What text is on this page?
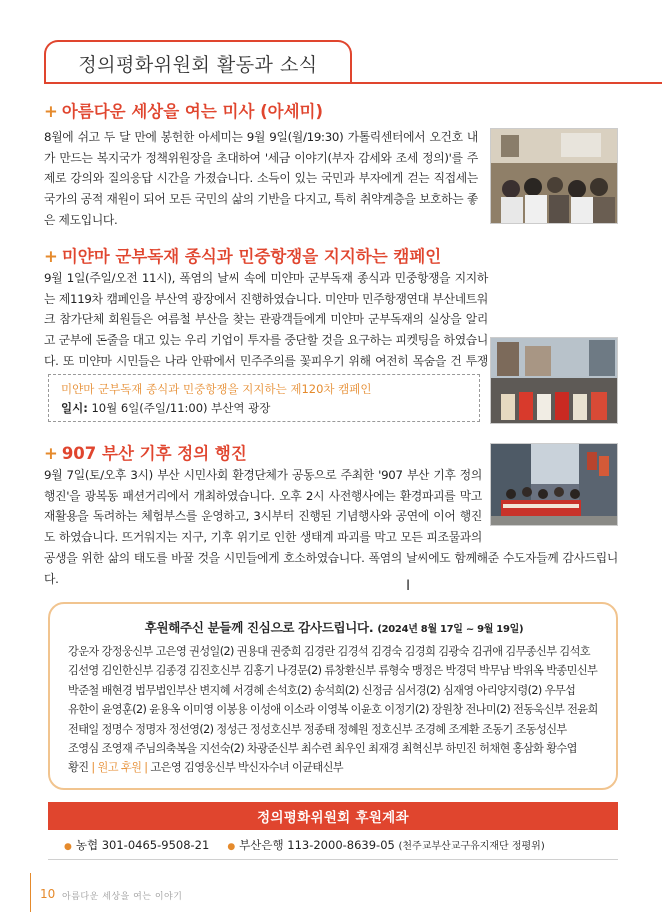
정의평화위원회 활동과 소식
+ 아름다운 세상을 여는 미사 (아세미)
8월에 쉬고 두 달 만에 봉헌한 아세미는 9월 9일(월/19:30) 가톨릭센터에서 오건호 내가 만드는 복지국가 정책위원장을 초대하여 '세금 이야기(부자 감세와 조세 정의)'를 주제로 강의와 질의응답 시간을 가졌습니다. 소득이 있는 국민과 부자에게 걷는 직접세는 국가의 공적 재원이 되어 모든 국민의 삶의 기반을 다지고, 특히 취약계층을 보호하는 좋은 제도입니다.
+ 미얀마 군부독재 종식과 민중항쟁을 지지하는 캠페인
9월 1일(주일/오전 11시), 폭염의 날씨 속에 미얀마 군부독재 종식과 민중항쟁을 지지하는 제119차 캠페인을 부산역 광장에서 진행하였습니다. 미얀마 민주항쟁연대 부산네트워크 참가단체 회원들은 여름철 부산을 찾는 관광객들에게 미얀마 군부독재의 실상을 알리고 군부에 돈줄을 대고 있는 우리 기업이 투자를 중단할 것을 요구하는 피켓팅을 하였습니다. 또 미얀마 시민들은 나라 안팎에서 민주주의를 꽃피우기 위해 여전히 목숨을 건 투쟁
미얀마 군부독재 종식과 민중항쟁을 지지하는 제120차 캠페인
일시: 10월 6일(주일/11:00) 부산역 광장
+ 907 부산 기후 정의 행진
9월 7일(토/오후 3시) 부산 시민사회 환경단체가 공동으로 주최한 '907 부산 기후 정의 행진'을 광복동 패션거리에서 개최하였습니다. 오후 2시 사전행사에는 환경파괴를 막고 재활용을 독려하는 체험부스를 운영하고, 3시부터 진행된 기념행사와 공연에 이어 행진도 하였습니다. 뜨거워지는 지구, 기후 위기로 인한 생태계 파괴를 막고 모든 피조물과의 공생을 위한 삶의 태도를 바꿀 것을 시민들에게 호소하였습니다. 폭염의 날씨에도 함께해준 수도자들께 감사드립니다.	I
후원해주신 분들께 진심으로 감사드립니다. (2024년 8월 17일 ~ 9월 19일)
강운자 강정웅신부 고은영 권성일(2) 권용대 권중희 김경란 김경석 김경숙 김경희 김광숙 김귀애 김무종신부 김석호 김선영 김인한신부 김종경 김진호신부 김홍기 나경문(2) 류창환신부 류형숙 맹정은 박경덕 박무남 박위옥 박종민신부 박준철 배현경 법무법인부산 변지혜 서경혜 손석호(2) 송석희(2) 신정금 심서경(2) 심재영 아리양지령(2) 우무섭 유한이 윤영훈(2) 윤용옥 이미영 이봉용 이성애 이소라 이영복 이윤호 이정기(2) 장원창 전나미(2) 전동욱신부 전윤희 전태일 정명수 정명자 정선영(2) 정성근 정성호신부 정종태 정혜원 정호신부 조경혜 조계환 조동기 조동성신부 조영심 조영재 주님의축복을 지선숙(2) 차광준신부 최수련 최우인 최재경 최혁신부 하민진 허채현 홍삼화 황수엽 황진 | 원고 후원 | 고은영 김영웅신부 박신자수녀 이균태신부
정의평화위원회 후원계좌
● 농협 301-0465-9508-21 ● 부산은행 113-2000-8639-05 (천주교부산교구유지재단 정평위)
10 아름다운 세상을 여는 이야기
